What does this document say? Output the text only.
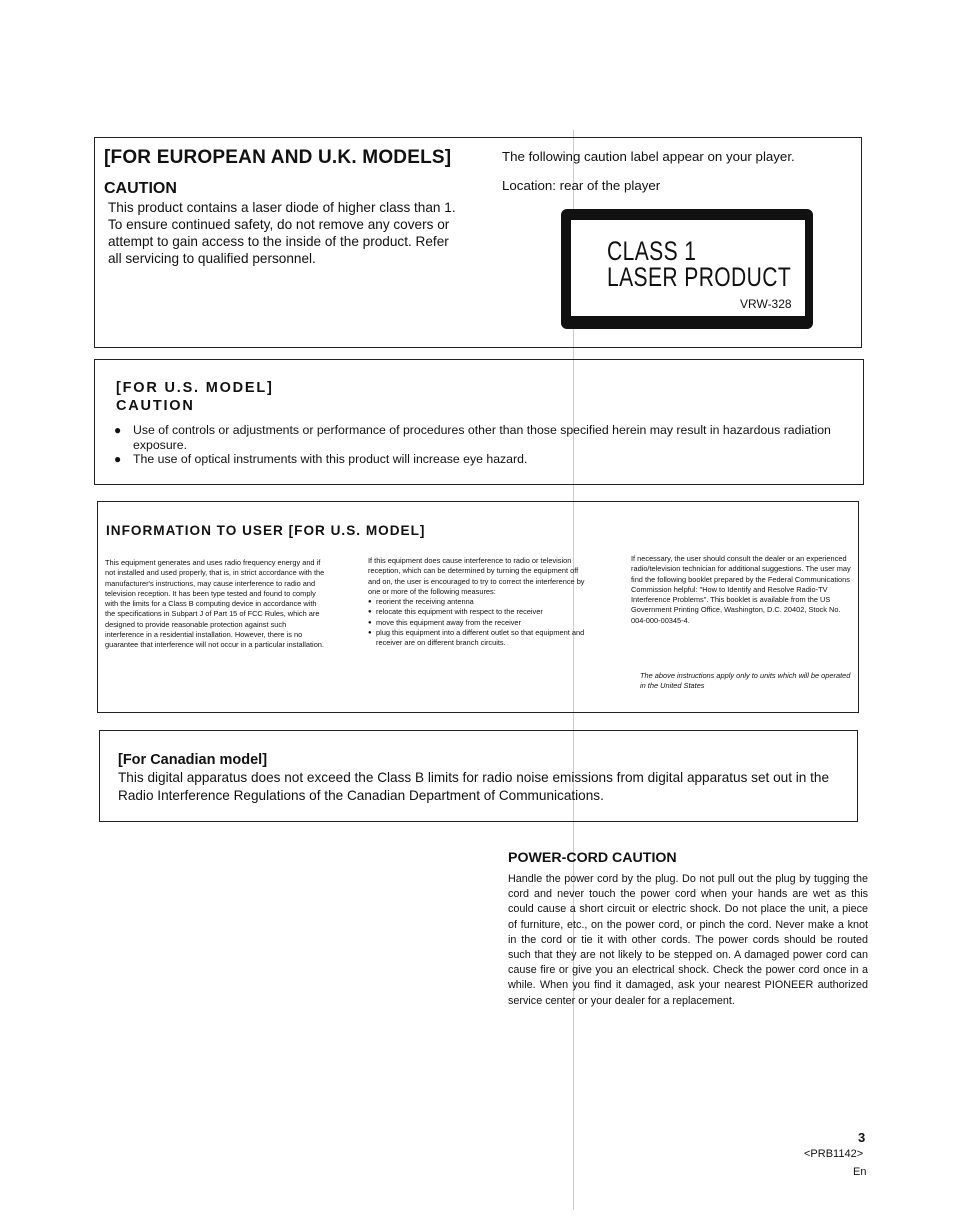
[FOR EUROPEAN AND U.K. MODELS]
CAUTION

This product contains a laser diode of higher class than 1. To ensure continued safety, do not remove any covers or attempt to gain access to the inside of the product. Refer all servicing to qualified personnel.

The following caution label appear on your player.

Location: rear of the player

CLASS 1
LASER PRODUCT
VRW-328
[FOR U.S. MODEL]
CAUTION
● Use of controls or adjustments or performance of procedures other than those specified herein may result in hazardous radiation exposure.
● The use of optical instruments with this product will increase eye hazard.
INFORMATION TO USER [FOR U.S. MODEL]

This equipment generates and uses radio frequency energy and if not installed and used properly, that is, in strict accordance with the manufacturer's instructions, may cause interference to radio and television reception. It has been type tested and found to comply with the limits for a Class B computing device in accordance with the specifications in Subpart J of Part 15 of FCC Rules, which are designed to provide reasonable protection against such interference in a residential installation. However, there is no guarantee that interference will not occur in a particular installation.

If this equipment does cause interference to radio or television reception, which can be determined by turning the equipment off and on, the user is encouraged to try to correct the interference by one or more of the following measures:
● reorient the receiving antenna
● relocate this equipment with respect to the receiver
● move this equipment away from the receiver
● plug this equipment into a different outlet so that equipment and receiver are on different branch circuits.

If necessary, the user should consult the dealer or an experienced radio/television technician for additional suggestions. The user may find the following booklet prepared by the Federal Communications Commission helpful: "How to Identify and Resolve Radio-TV Interference Problems". This booklet is available from the US Government Printing Office, Washington, D.C. 20402, Stock No. 004-000-00345-4.

The above instructions apply only to units which will be operated in the United States

[For Canadian model]

This digital apparatus does not exceed the Class B limits for radio noise emissions from digital apparatus set out in the Radio Interference Regulations of the Canadian Department of Communications.

POWER-CORD CAUTION

Handle the power cord by the plug. Do not pull out the plug by tugging the cord and never touch the power cord when your hands are wet as this could cause a short circuit or electric shock. Do not place the unit, a piece of furniture, etc., on the power cord, or pinch the cord. Never make a knot in the cord or tie it with other cords. The power cords should be routed such that they are not likely to be stepped on. A damaged power cord can cause fire or give you an electrical shock. Check the power cord once in a while. When you find it damaged, ask your nearest PIONEER authorized service center or your dealer for a replacement.

3
<PRB1142>
En
